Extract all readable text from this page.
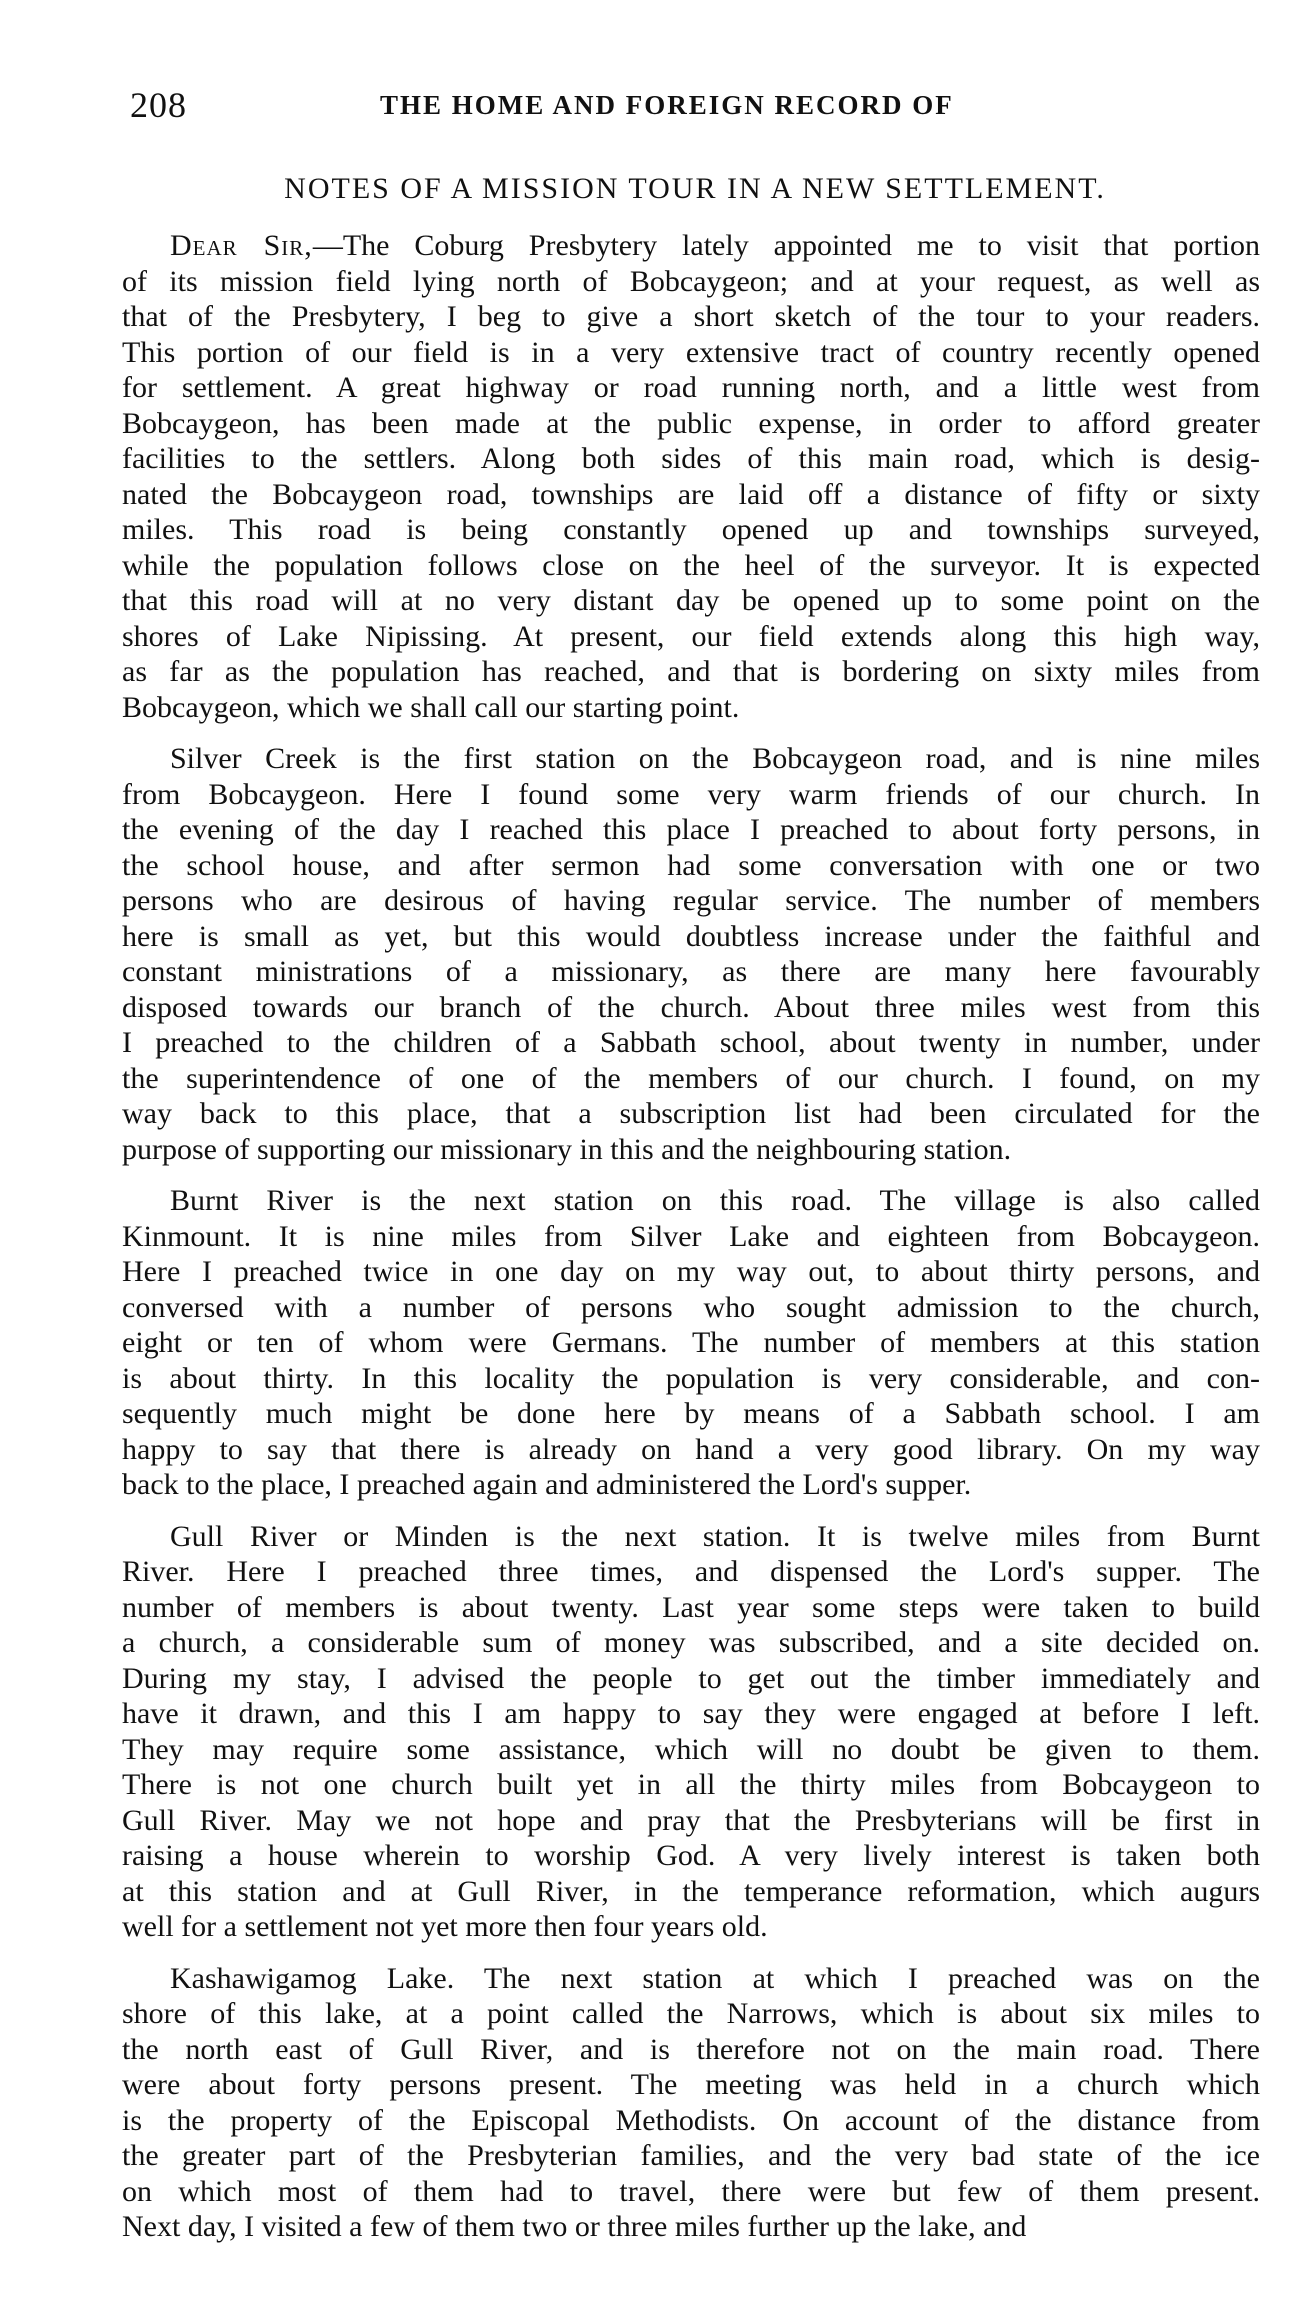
208	THE HOME AND FOREIGN RECORD OF
NOTES OF A MISSION TOUR IN A NEW SETTLEMENT.
Dear Sir,—The Coburg Presbytery lately appointed me to visit that portion
of its mission field lying north of Bobcaygeon; and at your request, as well as
that of the Presbytery, I beg to give a short sketch of the tour to your readers.
This portion of our field is in a very extensive tract of country recently opened
for settlement. A great highway or road running north, and a little west from
Bobcaygeon, has been made at the public expense, in order to afford greater
facilities to the settlers. Along both sides of this main road, which is desig-
nated the Bobcaygeon road, townships are laid off a distance of fifty or sixty
miles. This road is being constantly opened up and townships surveyed,
while the population follows close on the heel of the surveyor. It is expected
that this road will at no very distant day be opened up to some point on the
shores of Lake Nipissing. At present, our field extends along this high way,
as far as the population has reached, and that is bordering on sixty miles from
Bobcaygeon, which we shall call our starting point.
Silver Creek is the first station on the Bobcaygeon road, and is nine miles
from Bobcaygeon. Here I found some very warm friends of our church. In
the evening of the day I reached this place I preached to about forty persons, in
the school house, and after sermon had some conversation with one or two
persons who are desirous of having regular service. The number of members
here is small as yet, but this would doubtless increase under the faithful and
constant ministrations of a missionary, as there are many here favourably
disposed towards our branch of the church. About three miles west from this
I preached to the children of a Sabbath school, about twenty in number, under
the superintendence of one of the members of our church. I found, on my
way back to this place, that a subscription list had been circulated for the
purpose of supporting our missionary in this and the neighbouring station.
Burnt River is the next station on this road. The village is also called
Kinmount. It is nine miles from Silver Lake and eighteen from Bobcaygeon.
Here I preached twice in one day on my way out, to about thirty persons, and
conversed with a number of persons who sought admission to the church,
eight or ten of whom were Germans. The number of members at this station
is about thirty. In this locality the population is very considerable, and con-
sequently much might be done here by means of a Sabbath school. I am
happy to say that there is already on hand a very good library. On my way
back to the place, I preached again and administered the Lord's supper.
Gull River or Minden is the next station. It is twelve miles from Burnt
River. Here I preached three times, and dispensed the Lord's supper. The
number of members is about twenty. Last year some steps were taken to build
a church, a considerable sum of money was subscribed, and a site decided on.
During my stay, I advised the people to get out the timber immediately and
have it drawn, and this I am happy to say they were engaged at before I left.
They may require some assistance, which will no doubt be given to them.
There is not one church built yet in all the thirty miles from Bobcaygeon to
Gull River. May we not hope and pray that the Presbyterians will be first in
raising a house wherein to worship God. A very lively interest is taken both
at this station and at Gull River, in the temperance reformation, which augurs
well for a settlement not yet more then four years old.
Kashawigamog Lake. The next station at which I preached was on the
shore of this lake, at a point called the Narrows, which is about six miles to
the north east of Gull River, and is therefore not on the main road. There
were about forty persons present. The meeting was held in a church which
is the property of the Episcopal Methodists. On account of the distance from
the greater part of the Presbyterian families, and the very bad state of the ice
on which most of them had to travel, there were but few of them present.
Next day, I visited a few of them two or three miles further up the lake, and
